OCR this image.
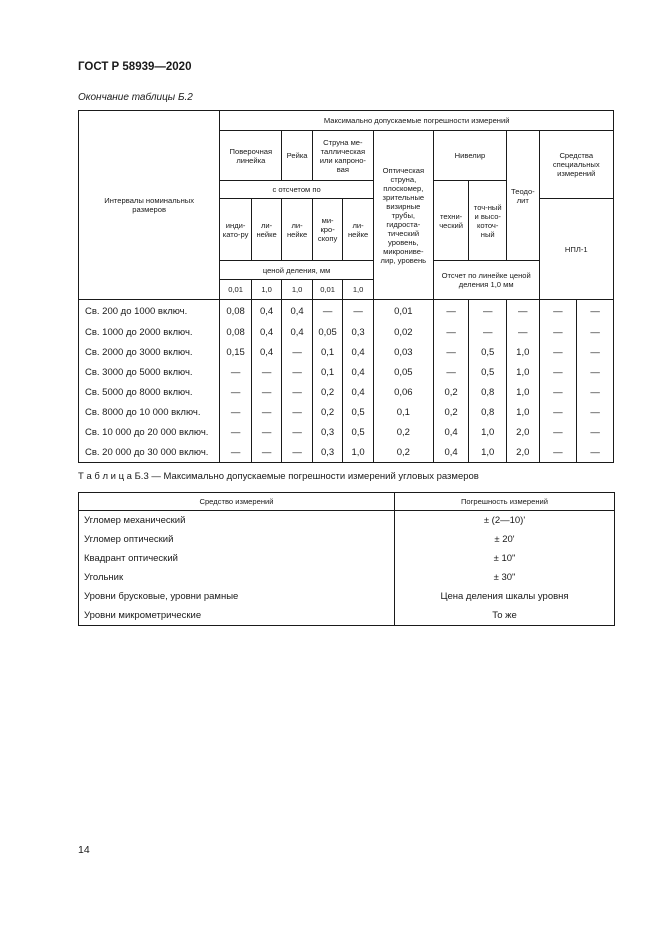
ГОСТ Р 58939—2020
Окончание таблицы Б.2
Интервалы номинальных размеров	Максимально допускаемые погрешности измерений										
	Поверочная линейка		Рейка	Струна ме-таллическая или капроно-вая		Оптическая струна, плоскомер, зрительные визирные трубы, гидроста-тический уровень, микрониве-лир, уровень	Нивелир		Теодо-лит	Средства специальных измерений	
	с отсчетом по						техни-ческий	точ-ный и высо-коточ-ный			
	инди-като-ру	ли-нейке	ли-нейке	ми-кро-скопу	ли-нейке					НПЛ-1	
	ценой деления, мм						Отсчет по линейке ценой деления 1,0 мм				
	0,01	1,0	1,0	0,01	1,0						
Св. 200 до 1000 включ.	0,08	0,4	0,4	—	—	0,01	—	—	—	—	—
Св. 1000 до 2000 включ.	0,08	0,4	0,4	0,05	0,3	0,02	—	—	—	—	—
Св. 2000 до 3000 включ.	0,15	0,4	—	0,1	0,4	0,03	—	0,5	1,0	—	—
Св. 3000 до 5000 включ.	—	—	—	0,1	0,4	0,05	—	0,5	1,0	—	—
Св. 5000 до 8000 включ.	—	—	—	0,2	0,4	0,06	0,2	0,8	1,0	—	—
Св. 8000 до 10 000 включ.	—	—	—	0,2	0,5	0,1	0,2	0,8	1,0	—	—
Св. 10 000 до 20 000 включ.	—	—	—	0,3	0,5	0,2	0,4	1,0	2,0	—	—
Св. 20 000 до 30 000 включ.	—	—	—	0,3	1,0	0,2	0,4	1,0	2,0	—	—
Т а б л и ц а Б.3 — Максимально допускаемые погрешности измерений угловых размеров
Средство измерений	Погрешность измерений
Угломер механический	± (2—10)'
Угломер оптический	± 20'
Квадрант оптический	± 10"
Угольник	± 30"
Уровни брусковые, уровни рамные	Цена деления шкалы уровня
Уровни микрометрические	То же
14
